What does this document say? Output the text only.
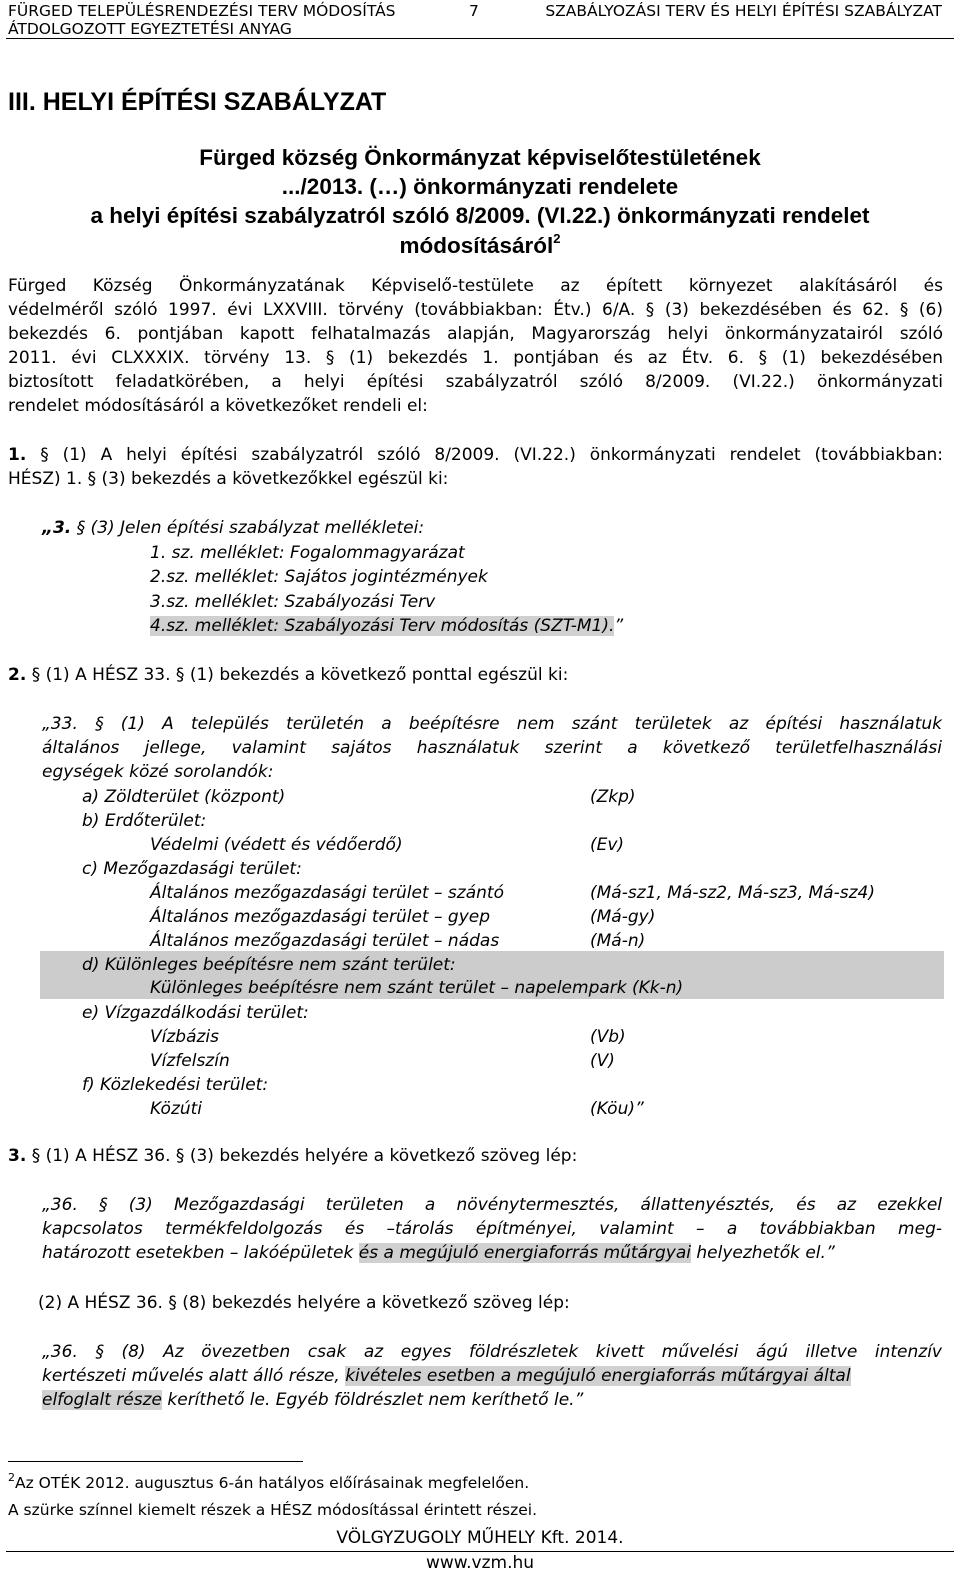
FÜRGED TELEPÜLÉSRENDEZÉSI TERV MÓDOSÍTÁS
ÁTDOLGOZOTT EGYEZTETÉSI ANYAG
7	SZABÁLYOZÁSI TERV ÉS HELYI ÉPÍTÉSI SZABÁLYZAT
III. HELYI ÉPÍTÉSI SZABÁLYZAT
Fürged község Önkormányzat képviselőtestületének
.../2013. (…) önkormányzati rendelete
a helyi építési szabályzatról szóló 8/2009. (VI.22.) önkormányzati rendelet
módosításáról$^2$
Fürged Község Önkormányzatának Képviselő-testülete az épített környezet alakításáról és
védelméről szóló 1997. évi LXXVIII. törvény (továbbiakban: Étv.) 6/A. § (3) bekezdésében és 62. § (6)
bekezdés 6. pontjában kapott felhatalmazás alapján, Magyarország helyi önkormányzatairól szóló
2011. évi CLXXXIX. törvény 13. § (1) bekezdés 1. pontjában és az Étv. 6. § (1) bekezdésében
biztosított feladatkörében, a helyi építési szabályzatról szóló 8/2009. (VI.22.) önkormányzati
rendelet módosításáról a következőket rendeli el:
1. § (1) A helyi építési szabályzatról szóló 8/2009. (VI.22.) önkormányzati rendelet (továbbiakban:
HÉSZ) 1. § (3) bekezdés a következőkkel egészül ki:
„3. § (3) Jelen építési szabályzat mellékletei:
1. sz. melléklet: Fogalommagyarázat
2.sz. melléklet: Sajátos jogintézmények
3.sz. melléklet: Szabályozási Terv
4.sz. melléklet: Szabályozási Terv módosítás (SZT-M1).”
2. § (1) A HÉSZ 33. § (1) bekezdés a következő ponttal egészül ki:
„33. § (1) A település területén a beépítésre nem szánt területek az építési használatuk
általános jellege, valamint sajátos használatuk szerint a következő területfelhasználási
egységek közé sorolandók:
a) Zöldterület (központ)	(Zkp)
b) Erdőterület:
Védelmi (védett és védőerdő)	(Ev)
c) Mezőgazdasági terület:
Általános mezőgazdasági terület – szántó	(Má-sz1, Má-sz2, Má-sz3, Má-sz4)
Általános mezőgazdasági terület – gyep	(Má-gy)
Általános mezőgazdasági terület – nádas	(Má-n)
d) Különleges beépítésre nem szánt terület:
Különleges beépítésre nem szánt terület – napelempark (Kk-n)
e) Vízgazdálkodási terület:
Vízbázis	(Vb)
Vízfelszín	(V)
f) Közlekedési terület:
Közúti	(Köu)”
3. § (1) A HÉSZ 36. § (3) bekezdés helyére a következő szöveg lép:
„36. § (3) Mezőgazdasági területen a növénytermesztés, állattenyésztés, és az ezekkel
kapcsolatos termékfeldolgozás és –tárolás építményei, valamint – a továbbiakban meg-
határozott esetekben – lakóépületek és a megújuló energiaforrás műtárgyai helyezhetők el.”
(2) A HÉSZ 36. § (8) bekezdés helyére a következő szöveg lép:
„36. § (8) Az övezetben csak az egyes földrészletek kivett művelési ágú illetve intenzív
kertészeti művelés alatt álló része, kivételes esetben a megújuló energiaforrás műtárgyai által
elfoglalt része keríthető le. Egyéb földrészlet nem keríthető le.”
$^2$Az OTÉK 2012. augusztus 6-án hatályos előírásainak megfelelően.
A szürke színnel kiemelt részek a HÉSZ módosítással érintett részei.
VÖLGYZUGOLY MŰHELY Kft. 2014.
www.vzm.hu
